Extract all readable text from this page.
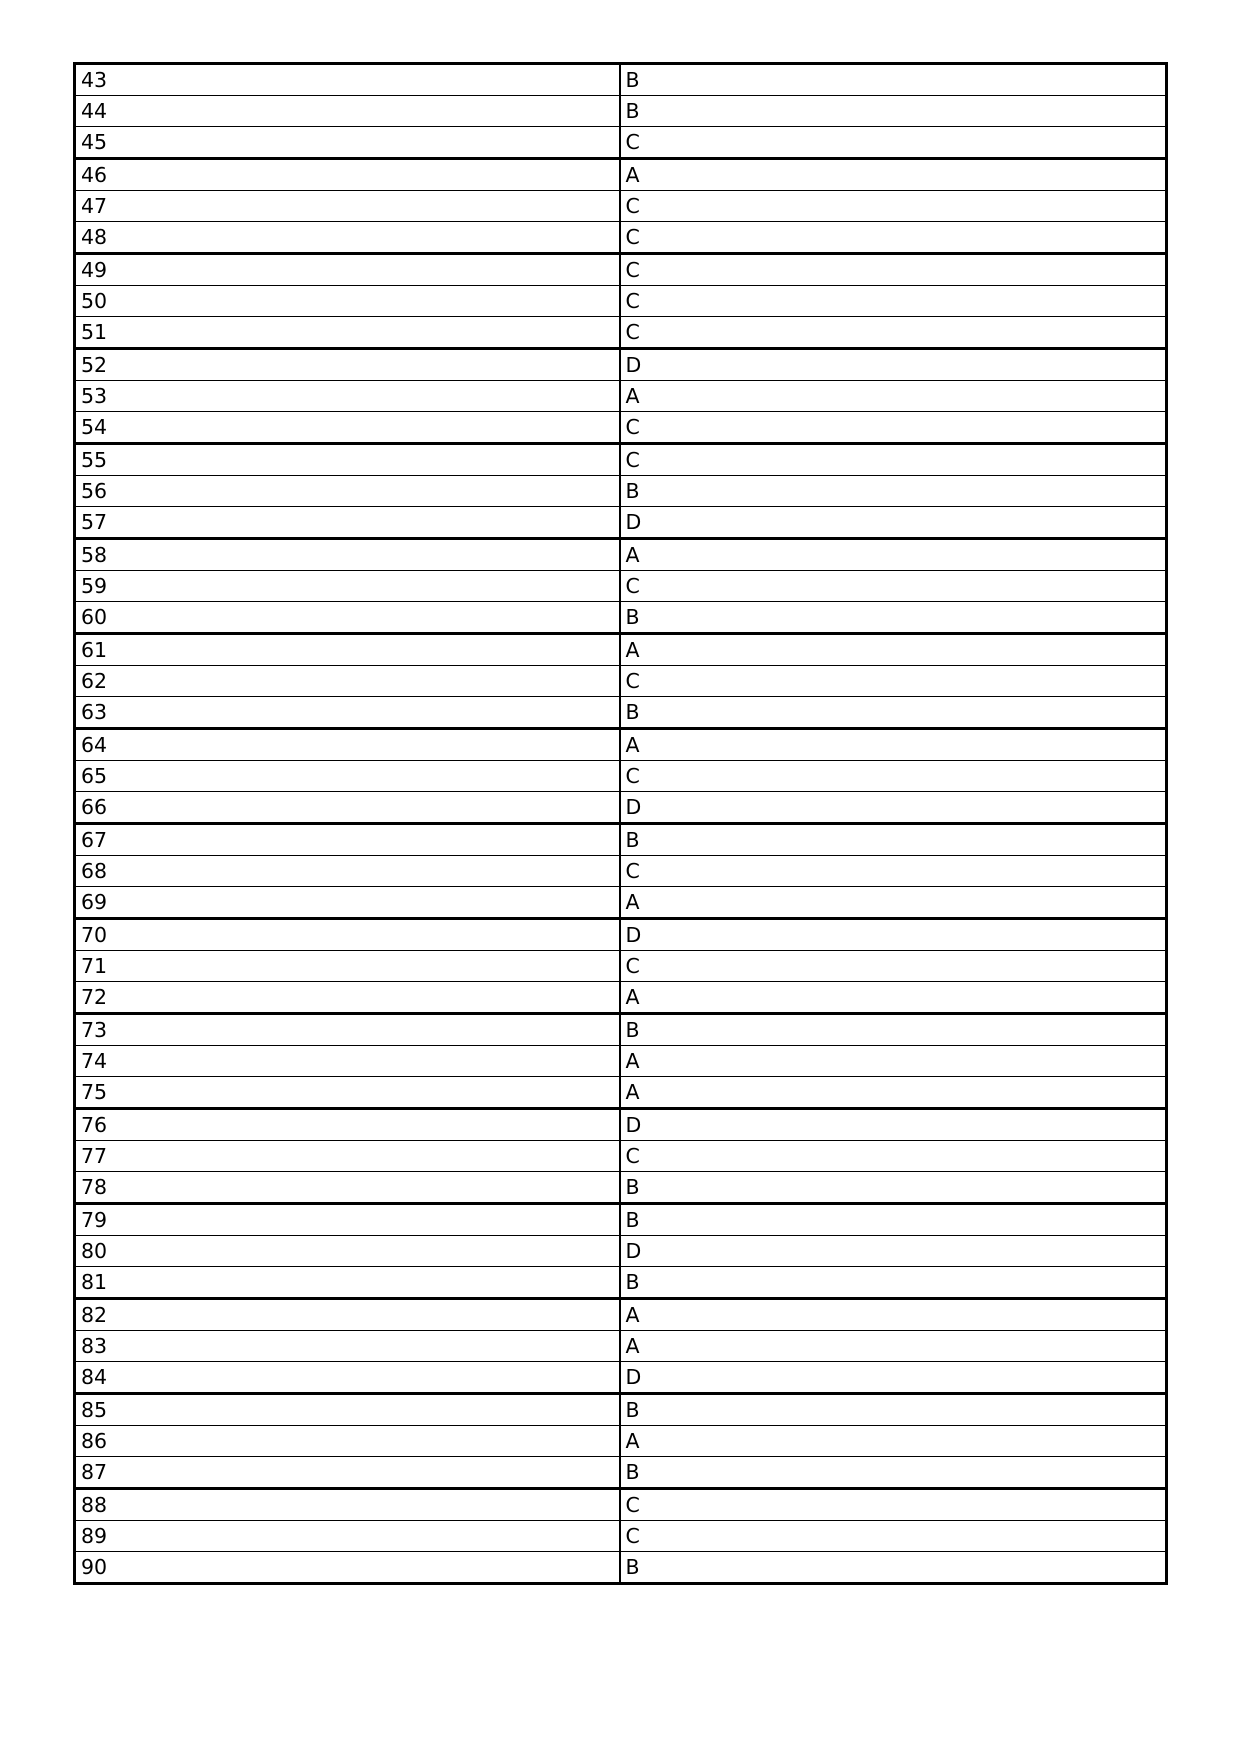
43	B
44	B
45	C
46	A
47	C
48	C
49	C
50	C
51	C
52	D
53	A
54	C
55	C
56	B
57	D
58	A
59	C
60	B
61	A
62	C
63	B
64	A
65	C
66	D
67	B
68	C
69	A
70	D
71	C
72	A
73	B
74	A
75	A
76	D
77	C
78	B
79	B
80	D
81	B
82	A
83	A
84	D
85	B
86	A
87	B
88	C
89	C
90	B
